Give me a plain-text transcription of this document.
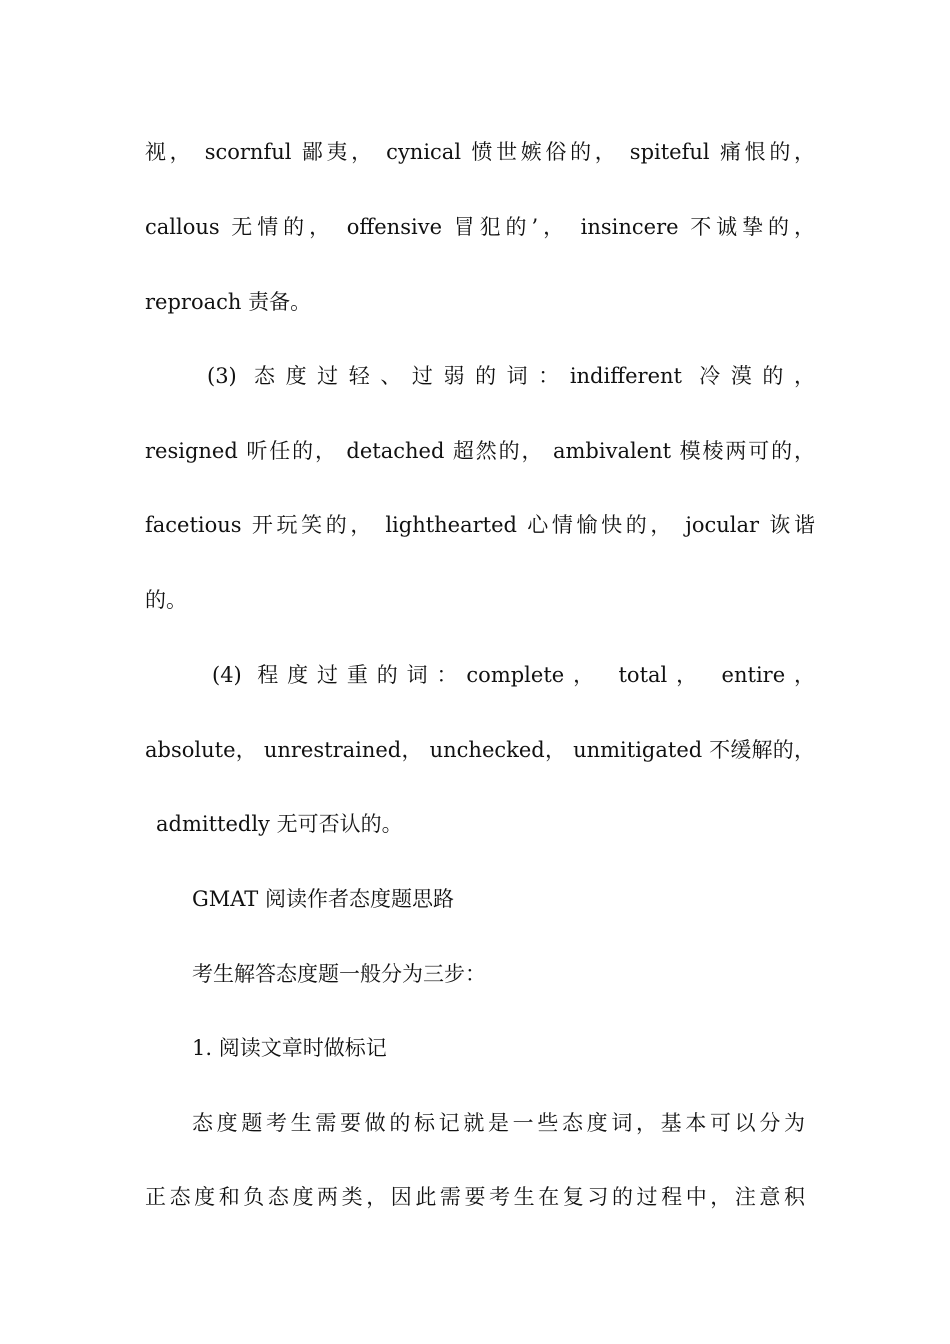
视， scornful 鄙夷， cynical 愤世嫉俗的， spiteful 痛恨的，
callous 无情的， offensive 冒犯的’， insincere 不诚挚的，
reproach 责备。
(3) 态度过轻、过弱的词：indifferent 冷漠的，
resigned 听任的， detached 超然的， ambivalent 模棱两可的，
facetious 开玩笑的， lighthearted 心情愉快的， jocular 诙谐
的。
(4) 程度过重的词：complete， total， entire，
absolute， unrestrained， unchecked， unmitigated 不缓解的，
admittedly 无可否认的。
GMAT 阅读作者态度题思路
考生解答态度题一般分为三步：
1. 阅读文章时做标记
态度题考生需要做的标记就是一些态度词，基本可以分为
正态度和负态度两类，因此需要考生在复习的过程中，注意积
